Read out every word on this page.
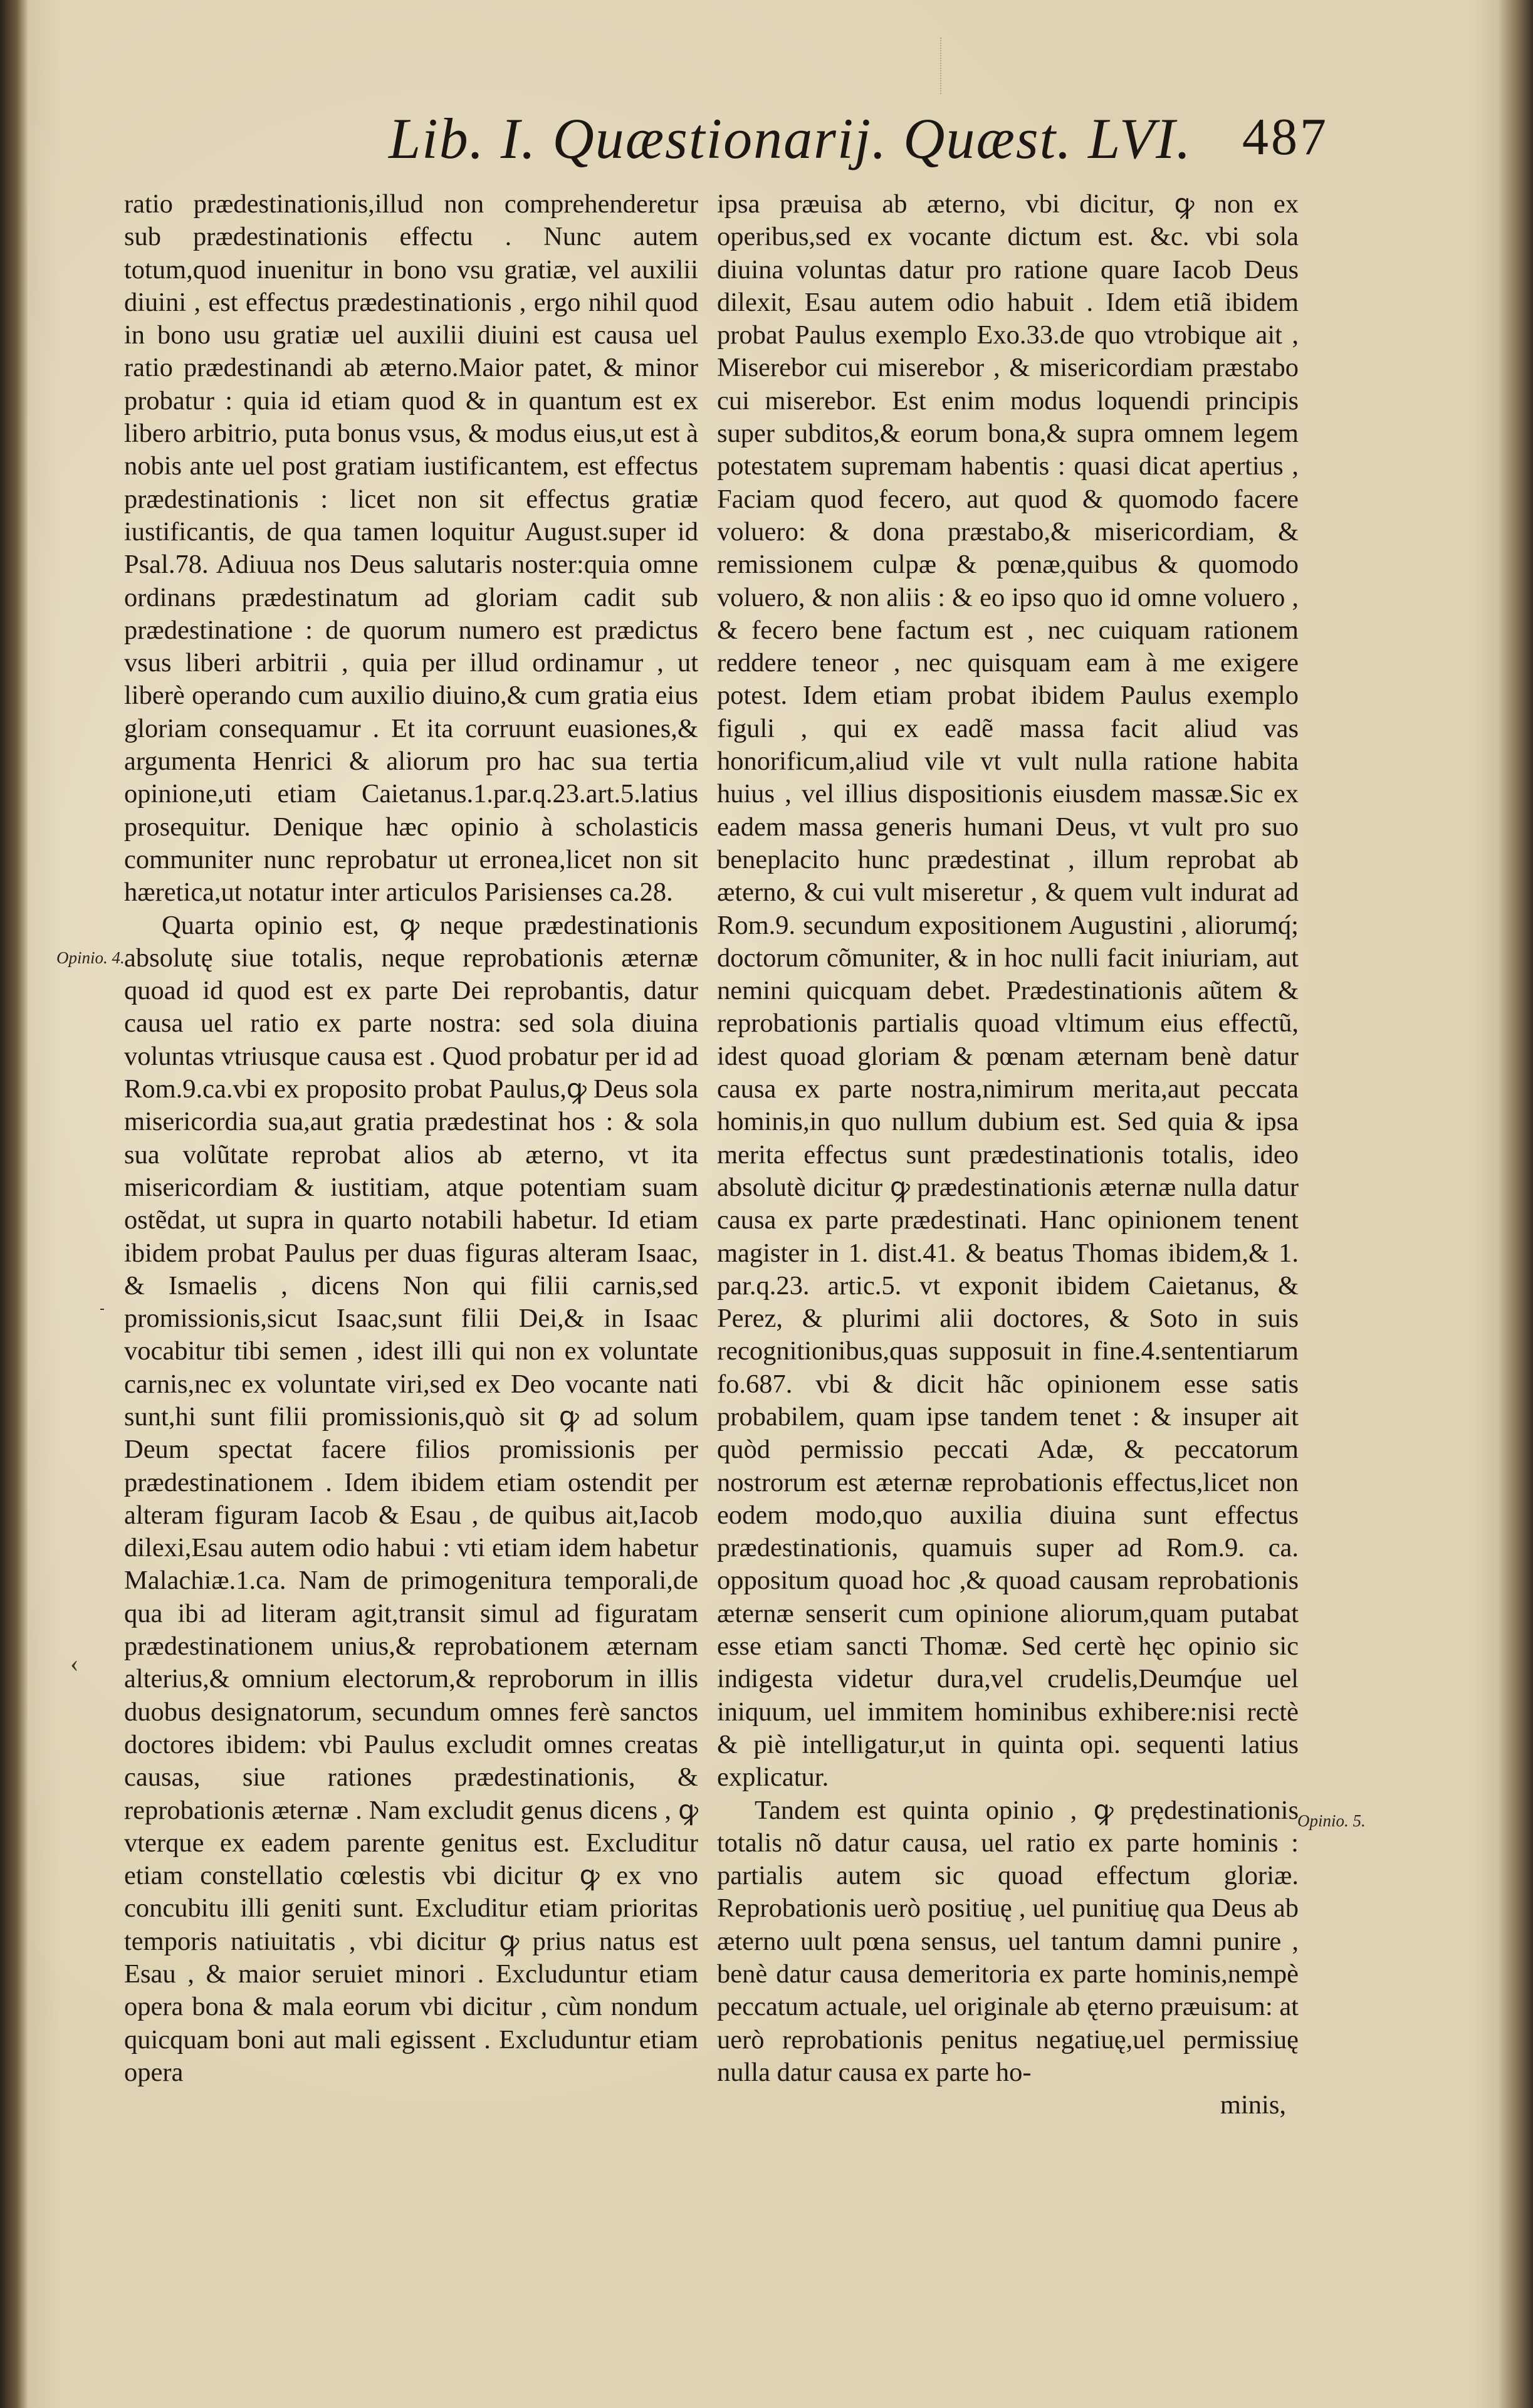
Lib. I. Quæstionarij. Quæst. LVI. 487
Opinio. 4.
Opinio. 5.
‹

ratio prædestinationis,illud non comprehenderetur sub prædestinationis effectu . Nunc autem totum,quod inuenitur in bono vsu gratiæ, vel auxilii diuini , est effectus prædestinationis , ergo nihil quod in bono usu gratiæ uel auxilii diuini est causa uel ratio prædestinandi ab æterno.Maior patet, & minor probatur : quia id etiam quod & in quantum est ex libero arbitrio, puta bonus vsus, & modus eius,ut est à nobis ante uel post gratiam iustificantem, est effectus prædestinationis : licet non sit effectus gratiæ iustificantis, de qua tamen loquitur August.super id Psal.78. Adiuua nos Deus salutaris noster:quia omne ordinans prædestinatum ad gloriam cadit sub prædestinatione : de quorum numero est prædictus vsus liberi arbitrii , quia per illud ordinamur , ut liberè operando cum auxilio diuino,& cum gratia eius gloriam consequamur . Et ita corruunt euasiones,& argumenta Henrici & aliorum pro hac sua tertia opinione,uti etiam Caietanus.1.par.q.23.art.5.latius prosequitur. Denique hæc opinio à scholasticis communiter nunc reprobatur ut erronea,licet non sit hæretica,ut notatur inter articulos Parisienses ca.28.

Quarta opinio est, ꝙ neque prædestinationis absolutę siue totalis, neque reprobationis æternæ quoad id quod est ex parte Dei reprobantis, datur causa uel ratio ex parte nostra: sed sola diuina voluntas vtriusque causa est . Quod probatur per id ad Rom.9.ca.vbi ex proposito probat Paulus,ꝙ Deus sola misericordia sua,aut gratia prædestinat hos : & sola sua volũtate reprobat alios ab æterno, vt ita misericordiam & iustitiam, atque potentiam suam ostẽdat, ut supra in quarto notabili habetur. Id etiam ibidem probat Paulus per duas figuras alteram Isaac, & Ismaelis , dicens Non qui filii carnis,sed promissionis,sicut Isaac,sunt filii Dei,& in Isaac vocabitur tibi semen , idest illi qui non ex voluntate carnis,nec ex voluntate viri,sed ex Deo vocante nati sunt,hi sunt filii promissionis,quò sit ꝙ ad solum Deum spectat facere filios promissionis per prædestinationem . Idem ibidem etiam ostendit per alteram figuram Iacob & Esau , de quibus ait,Iacob dilexi,Esau autem odio habui : vti etiam idem habetur Malachiæ.1.ca. Nam de primogenitura temporali,de qua ibi ad literam agit,transit simul ad figuratam prædestinationem unius,& reprobationem æternam alterius,& omnium electorum,& reproborum in illis duobus designatorum, secundum omnes ferè sanctos doctores ibidem: vbi Paulus excludit omnes creatas causas, siue rationes prædestinationis, & reprobationis æternæ . Nam excludit genus dicens , ꝙ vterque ex eadem parente genitus est. Excluditur etiam constellatio cœlestis vbi dicitur ꝙ ex vno concubitu illi geniti sunt. Excluditur etiam prioritas temporis natiuitatis , vbi dicitur ꝙ prius natus est Esau , & maior seruiet minori . Excluduntur etiam opera bona & mala eorum vbi dicitur , cùm nondum quicquam boni aut mali egissent . Excluduntur etiam opera

ipsa præuisa ab æterno, vbi dicitur, ꝙ non ex operibus,sed ex vocante dictum est. &c. vbi sola diuina voluntas datur pro ratione quare Iacob Deus dilexit, Esau autem odio habuit . Idem etiã ibidem probat Paulus exemplo Exo.33.de quo vtrobique ait , Miserebor cui miserebor , & misericordiam præstabo cui miserebor. Est enim modus loquendi principis super subditos,& eorum bona,& supra omnem legem potestatem supremam habentis : quasi dicat apertius , Faciam quod fecero, aut quod & quomodo facere voluero: & dona præstabo,& misericordiam, & remissionem culpæ & pœnæ,quibus & quomodo voluero, & non aliis : & eo ipso quo id omne voluero , & fecero bene factum est , nec cuiquam rationem reddere teneor , nec quisquam eam à me exigere potest. Idem etiam probat ibidem Paulus exemplo figuli , qui ex eadẽ massa facit aliud vas honorificum,aliud vile vt vult nulla ratione habita huius , vel illius dispositionis eiusdem massæ.Sic ex eadem massa generis humani Deus, vt vult pro suo beneplacito hunc prædestinat , illum reprobat ab æterno, & cui vult miseretur , & quem vult indurat ad Rom.9. secundum expositionem Augustini , aliorumq́; doctorum cõmuniter, & in hoc nulli facit iniuriam, aut nemini quicquam debet. Prædestinationis aũtem & reprobationis partialis quoad vltimum eius effectũ, idest quoad gloriam & pœnam æternam benè datur causa ex parte nostra,nimirum merita,aut peccata hominis,in quo nullum dubium est. Sed quia & ipsa merita effectus sunt prædestinationis totalis, ideo absolutè dicitur ꝙ prædestinationis æternæ nulla datur causa ex parte prædestinati. Hanc opinionem tenent magister in 1. dist.41. & beatus Thomas ibidem,& 1. par.q.23. artic.5. vt exponit ibidem Caietanus, & Perez, & plurimi alii doctores, & Soto in suis recognitionibus,quas supposuit in fine.4.sententiarum fo.687. vbi & dicit hãc opinionem esse satis probabilem, quam ipse tandem tenet : & insuper ait quòd permissio peccati Adæ, & peccatorum nostrorum est æternæ reprobationis effectus,licet non eodem modo,quo auxilia diuina sunt effectus prædestinationis, quamuis super ad Rom.9. ca. oppositum quoad hoc ,& quoad causam reprobationis æternæ senserit cum opinione aliorum,quam putabat esse etiam sancti Thomæ. Sed certè hęc opinio sic indigesta videtur dura,vel crudelis,Deumq́ue uel iniquum, uel immitem hominibus exhibere:nisi rectè & piè intelligatur,ut in quinta opi. sequenti latius explicatur.

Tandem est quinta opinio , ꝙ prędestinationis totalis nõ datur causa, uel ratio ex parte hominis : partialis autem sic quoad effectum gloriæ. Reprobationis uerò positiuę , uel punitiuę qua Deus ab æterno uult pœna sensus, uel tantum damni punire , benè datur causa demeritoria ex parte hominis,nempè peccatum actuale, uel originale ab ęterno præuisum: at uerò reprobationis penitus negatiuę,uel permissiuę nulla datur causa ex parte ho-

minis,
